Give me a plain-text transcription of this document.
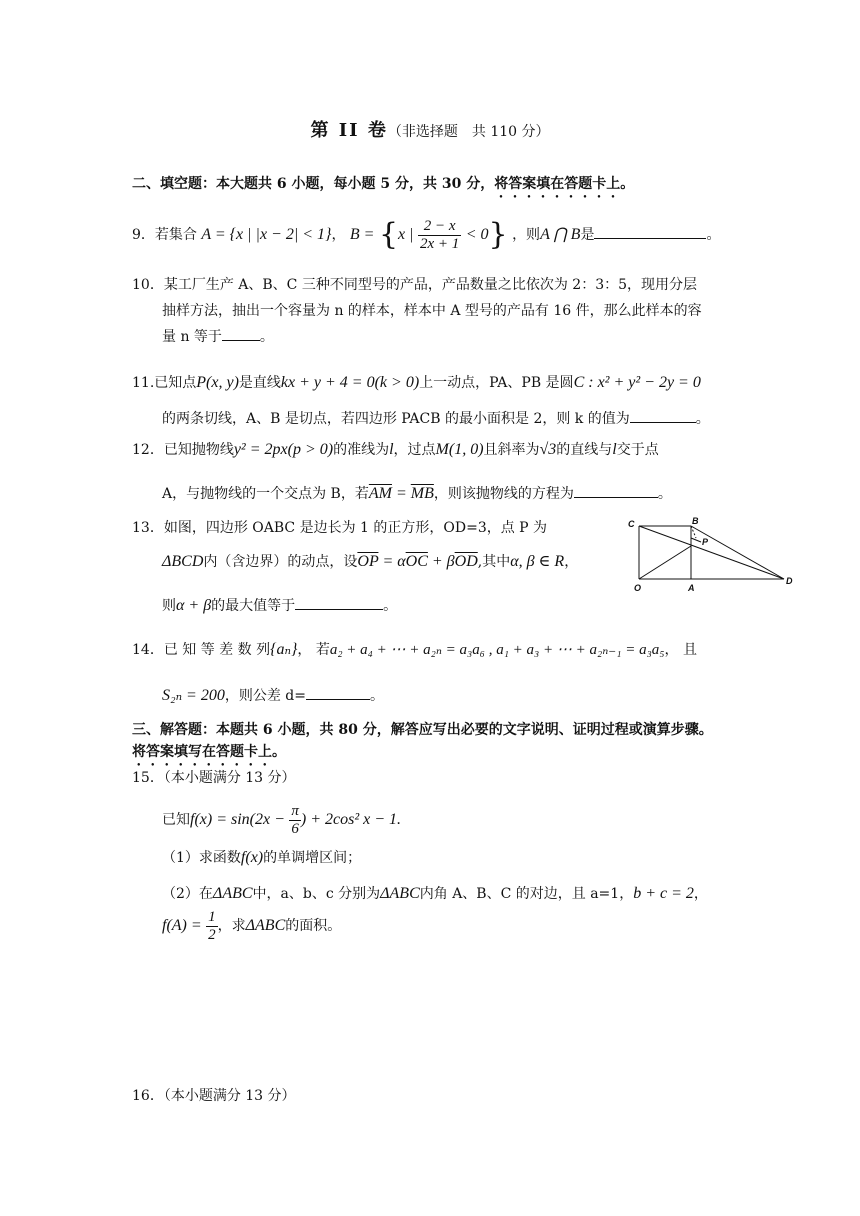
第 II 卷（非选择题　共 110 分）
二、填空题：本大题共 6 小题，每小题 5 分，共 30 分，将答案填在答题卡上。
9．若集合 A = {x | |x − 2| < 1}， B = {x | $\frac{2 - x}{2x + 1} < 0$} ，则A ⋂ B是	。
10．某工厂生产 A、B、C 三种不同型号的产品，产品数量之比依次为 2：3：5，现用分层
抽样方法，抽出一个容量为 n 的样本，样本中 A 型号的产品有 16 件，那么此样本的容
量 n 等于	。
11.已知点P(x, y)是直线kx + y + 4 = 0(k > 0)上一动点，PA、PB 是圆C : x² + y² − 2y = 0
的两条切线，A、B 是切点，若四边形 PACB 的最小面积是 2，则 k 的值为	。
12．已知抛物线y² = 2px(p > 0)的准线为l，过点M(1, 0)且斜率为√3的直线与l交于点
A，与抛物线的一个交点为 B，若$\overline{AM} = \overline{MB}$，则该抛物线的方程为	。
13．如图，四边形 OABC 是边长为 1 的正方形，OD=3，点 P 为
ΔBCD内（含边界）的动点，设$\overline{OP} = \alpha\overline{OC} + \beta\overline{OD}$,其中α, β ∈ R，
则α + β的最大值等于	。
C	B
P
O	A
D
14．已 知 等 差 数 列{aₙ}， 若a₂ + a₄ + ⋯ + a₂ₙ = a₃a₆ , a₁ + a₃ + ⋯ + a₂ₙ₋₁ = a₃a₅， 且
S₂ₙ = 200，则公差 d=	。
三、解答题：本题共 6 小题，共 80 分，解答应写出必要的文字说明、证明过程或演算步骤。
将答案填写在答题卡上。
15．（本小题满分 13 分）
已知$f(x) = \sin(2x - \frac{\pi}{6}$ ) + 2cos² x − 1.
（1）求函数f(x)的单调增区间；
（2）在ΔABC中，a、b、c 分别为ΔABC内角 A、B、C 的对边，且 a=1，b + c = 2，
$f(A) = \frac{1}{2}$ ，求ΔABC的面积。
16．（本小题满分 13 分）
